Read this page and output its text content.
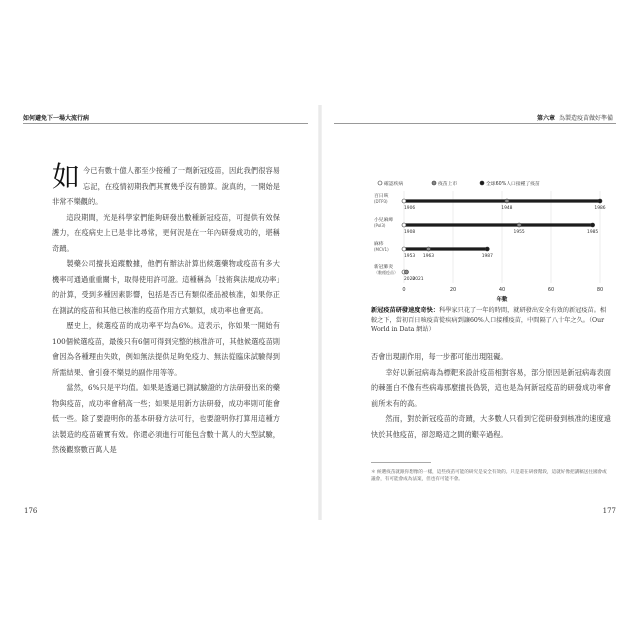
如何避免下一場大流行病	第六章 為製造疫苗做好準備

如今已有數十億人都至少接種了一劑新冠疫苗，因此我們很容易忘記，在疫情初期我們其實幾乎沒有勝算。說真的，一開始是非常不樂觀的。

這段期間，光是科學家們能夠研發出數種新冠疫苗，可提供有效保護力，在疫病史上已是非比尋常，更何況是在一年內研發成功的，堪稱奇蹟。

製藥公司擅長追蹤數據，他們有辦法計算出候選藥物或疫苗有多大機率可通過重重關卡，取得使用許可證。這種稱為「技術與法規成功率」的計算，受到多種因素影響，包括是否已有類似產品被核准，如果你正在測試的疫苗和其他已核准的疫苗作用方式類似，成功率也會更高。

歷史上，候選疫苗的成功率平均為6%。這表示，你如果一開始有100個候選疫苗，最後只有6個可得到完整的核准許可，其他候選疫苗則會因為各種理由失敗，例如無法提供足夠免疫力、無法從臨床試驗得到所需結果、會引發不樂見的副作用等等。

當然，6%只是平均值。如果是透過已測試驗證的方法研發出來的藥物與疫苗，成功率會稍高一些；如果是用新方法研發，成功率則可能會低一些。除了要證明你的基本研發方法可行，也要證明你打算用這種方法製造的疫苗確實有效。你還必須進行可能包含數十萬人的大型試驗，然後觀察數百萬人是

176
確認疾病	疫苗上市	全球60%人口接種了疫苗
0	20	40	60	80
年數
百日咳
(DTP3)
1906	1948	1986
小兒麻痺
(Pol3)
1908	1955	1985
麻疹
(MCV1)
1953 1963	1987
新冠肺炎
（數種疫苗）
2020
2021
新冠疫苗研發速度奇快：科學家只花了一年的時間，就研發出安全有效的新冠疫苗。相較之下，當初百日咳疫苗從疾病到讓60%人口接種疫苗，中間隔了八十年之久。（Our World in Data 網站）

否會出現副作用，每一步都可能出現阻礙。

幸好以新冠病毒為標靶來設計疫苗相對容易，部分原因是新冠病毒表面的棘蛋白不像有些病毒那麼擅長偽裝，這也是為何新冠疫苗的研發成功率會前所未有的高。

然而，對於新冠疫苗的奇蹟，大多數人只看到它從研發到核准的速度遠快於其他疫苗，卻忽略這之間的艱辛過程。

＊ 候選疫苗就跟你想像的一樣，這些疫苗可能的研究是安全有效的。只是還在研發階段，這就好像把講稿送往國會或議會，有可能會成為法案，但也有可能不會。
177
